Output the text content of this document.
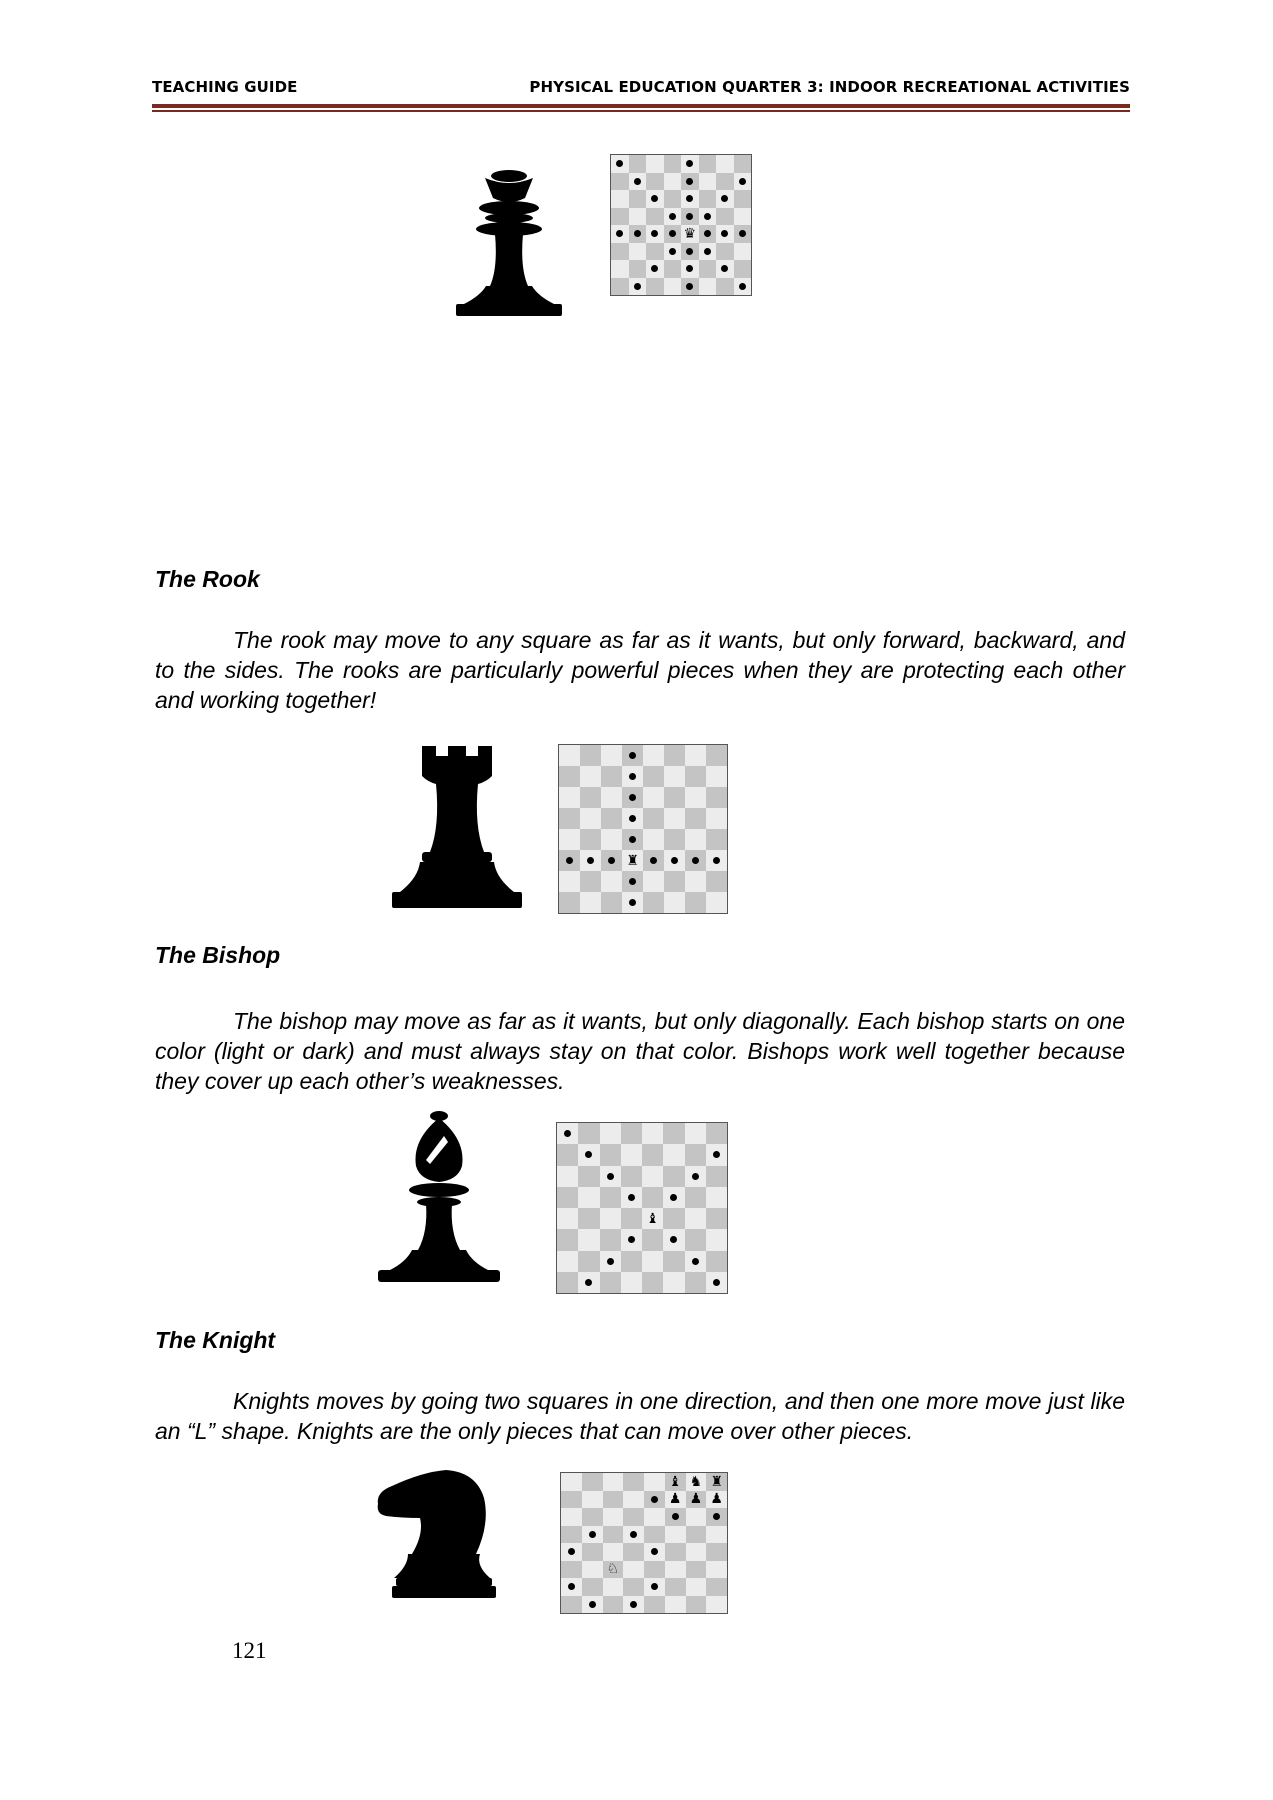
TEACHING GUIDE	PHYSICAL EDUCATION QUARTER 3: INDOOR RECREATIONAL ACTIVITIES
♛
The Rook

The rook may move to any square as far as it wants, but only forward, backward, and to the sides. The rooks are particularly powerful pieces when they are protecting each other and working together!

♜
The Bishop

The bishop may move as far as it wants, but only diagonally. Each bishop starts on one color (light or dark) and must always stay on that color. Bishops work well together because they cover up each other’s weaknesses.

♝
The Knight

Knights moves by going two squares in one direction, and then one more move just like an “L” shape. Knights are the only pieces that can move over other pieces.

♝ ♞ ♜
♟ ♟ ♟
♘
121
